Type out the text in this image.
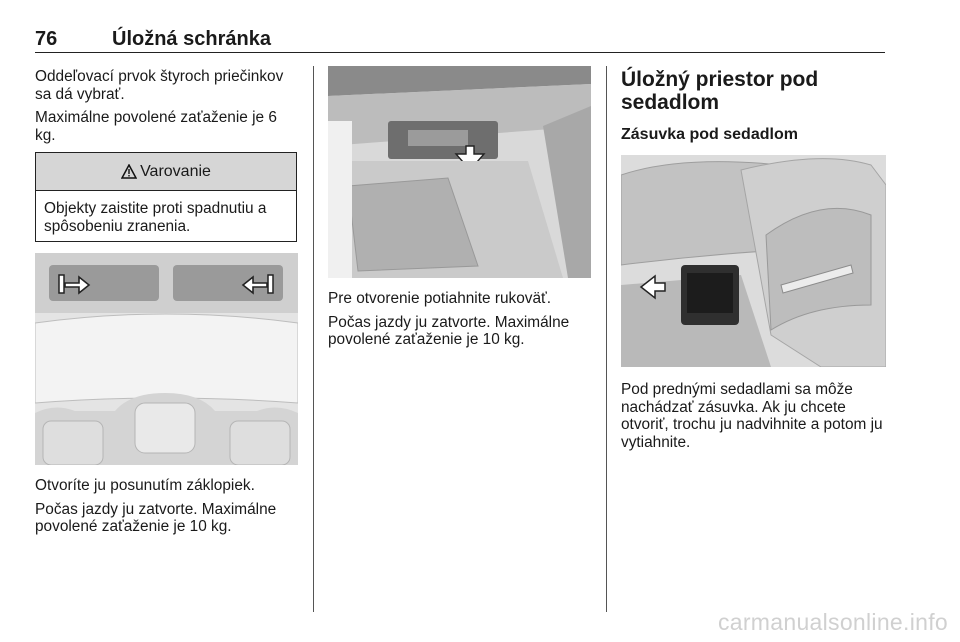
76	Úložná schránka

Oddeľovací prvok štyroch priečinkov sa dá vybrať.

Maximálne povolené zaťaženie je 6 kg.

Varovanie
Objekty zaistite proti spadnutiu a spôsobeniu zranenia.

Otvoríte ju posunutím záklopiek.

Počas jazdy ju zatvorte. Maximálne povolené zaťaženie je 10 kg.

Pre otvorenie potiahnite rukoväť.

Počas jazdy ju zatvorte. Maximálne povolené zaťaženie je 10 kg.

Úložný priestor pod sedadlom
Zásuvka pod sedadlom

Pod prednými sedadlami sa môže nachádzať zásuvka. Ak ju chcete otvoriť, trochu ju nadvihnite a potom ju vytiahnite.

carmanualsonline.info
